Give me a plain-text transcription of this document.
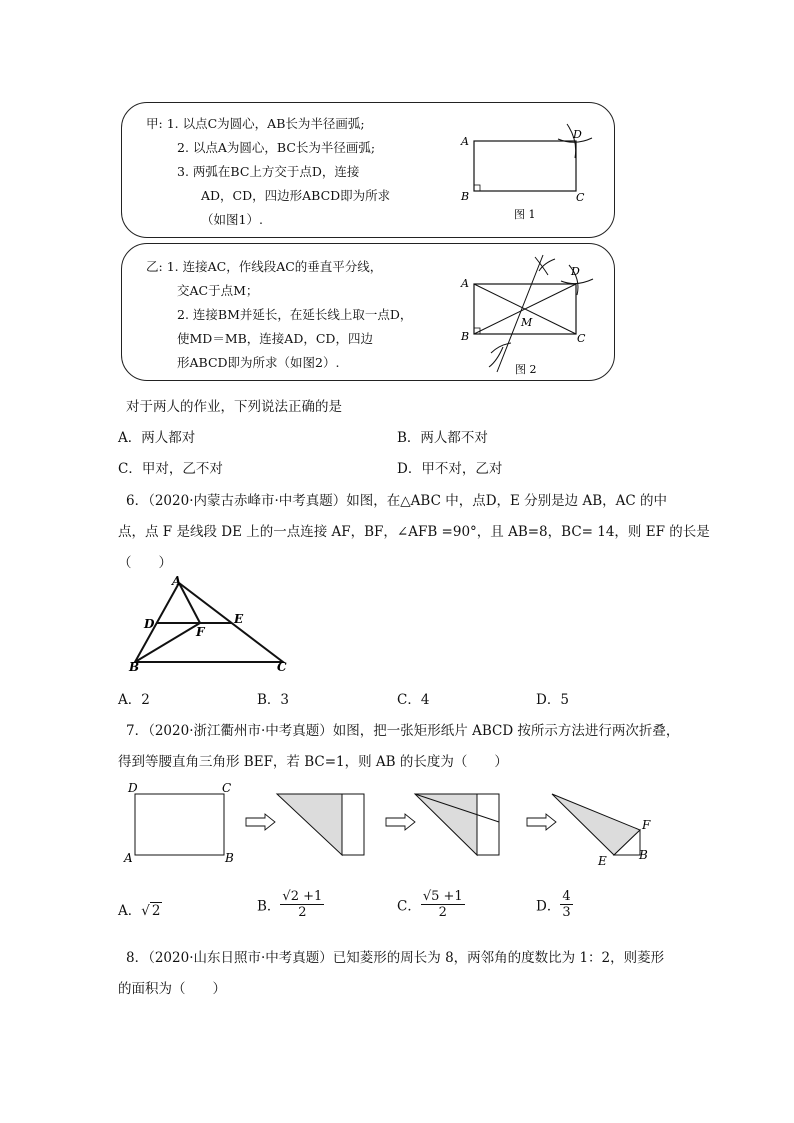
甲: 1. 以点C为圆心，AB长为半径画弧;
2. 以点A为圆心，BC长为半径画弧;
3. 两弧在BC上方交于点D，连接
AD，CD，四边形ABCD即为所求
（如图1）.
A
B	C
D
图 1
乙: 1. 连接AC，作线段AC的垂直平分线，
交AC于点M；
2. 连接BM并延长，在延长线上取一点D，
使MD＝MB，连接AD，CD，四边
形ABCD即为所求（如图2）.
A
B	C
D
M
图 2
对于两人的作业，下列说法正确的是
A．两人都对	B．两人都不对
C．甲对，乙不对	D．甲不对，乙对
6．（2020·内蒙古赤峰市·中考真题）如图，在△ABC 中，点D，E 分别是边 AB，AC 的中
点，点 F 是线段 DE 上的一点连接 AF，BF，∠AFB =90°，且 AB=8，BC= 14，则 EF 的长是
（　　）
A
D	E
F
B	C
A．2	B．3	C．4	D．5
7．（2020·浙江衢州市·中考真题）如图，把一张矩形纸片 ABCD 按所示方法进行两次折叠，
得到等腰直角三角形 BEF，若 BC=1，则 AB 的长度为（　　）
D	C
A	B
F
E	B
A．√ 2	B． $\frac{√2 +1}{2}$	C． $\frac{√5 +1}{2}$	D． $\frac{4}{3}$
8．（2020·山东日照市·中考真题）已知菱形的周长为 8，两邻角的度数比为 1：2，则菱形
的面积为（　　）
